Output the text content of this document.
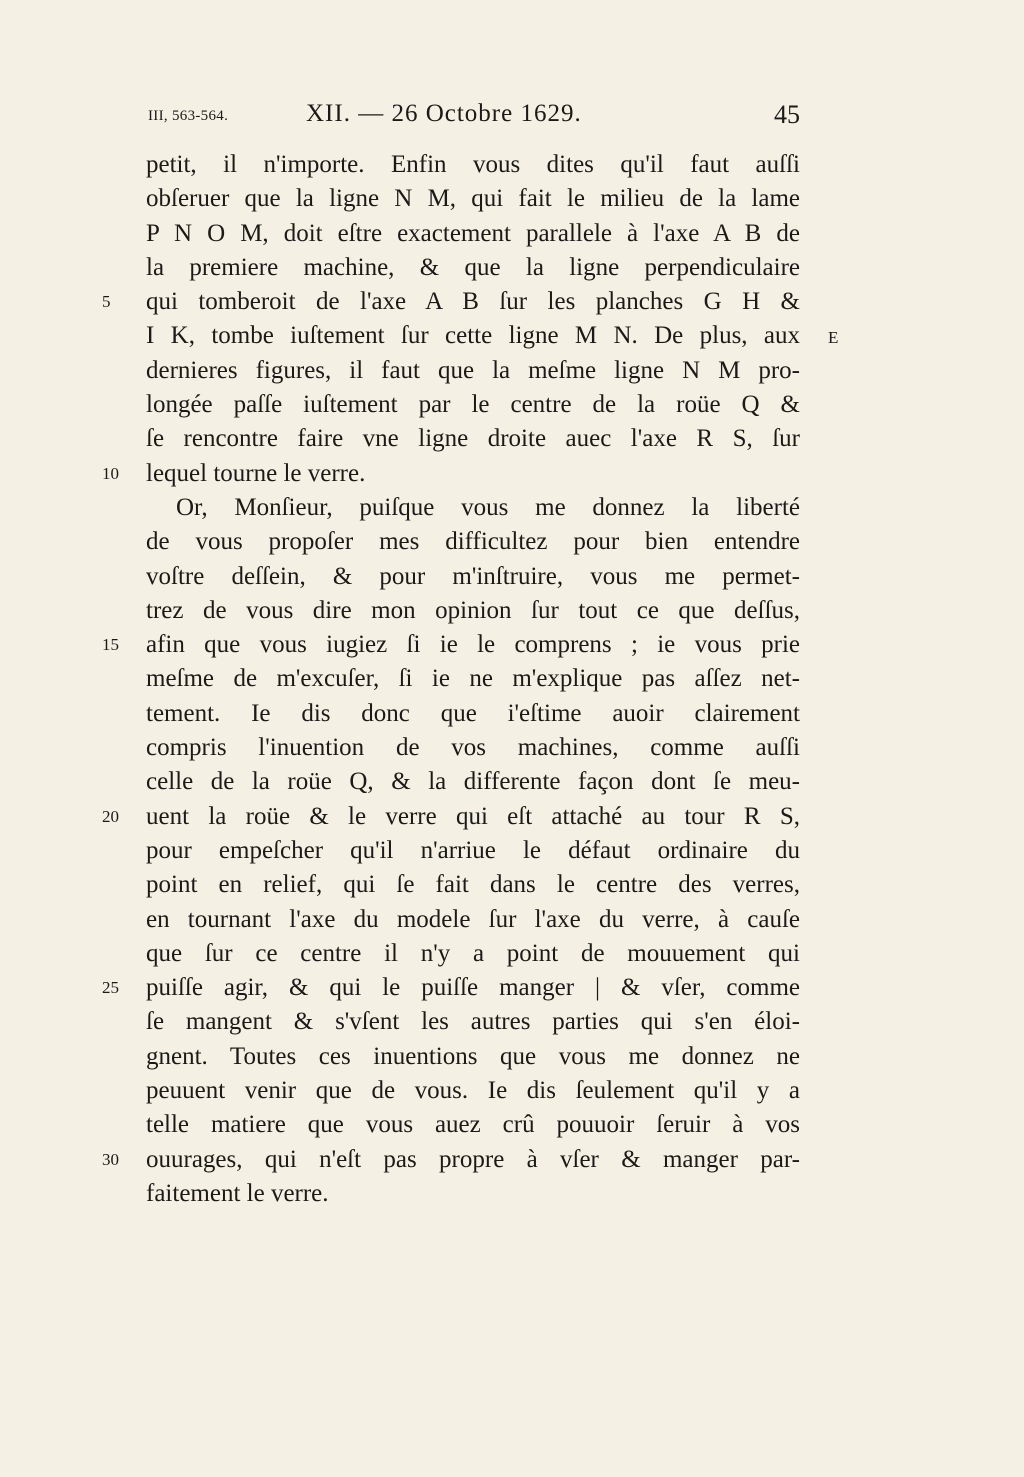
III, 563-564.	XII. — 26 Octobre 1629.	45
E
petit, il n'importe. Enfin vous dites qu'il faut auſſi
obſeruer que la ligne N M, qui fait le milieu de la lame
P N O M, doit eſtre exactement parallele à l'axe A B de
la premiere machine, & que la ligne perpendiculaire
qui tomberoit de l'axe A B ſur les planches G H &
5
I K, tombe iuſtement ſur cette ligne M N. De plus, aux
dernieres figures, il faut que la meſme ligne N M pro-
longée paſſe iuſtement par le centre de la roüe Q &
ſe rencontre faire vne ligne droite auec l'axe R S, ſur
lequel tourne le verre.
10
Or, Monſieur, puiſque vous me donnez la liberté
de vous propoſer mes difficultez pour bien entendre
voſtre deſſein, & pour m'inſtruire, vous me permet-
trez de vous dire mon opinion ſur tout ce que deſſus,
afin que vous iugiez ſi ie le comprens ; ie vous prie
15
meſme de m'excuſer, ſi ie ne m'explique pas aſſez net-
tement. Ie dis donc que i'eſtime auoir clairement
compris l'inuention de vos machines, comme auſſi
celle de la roüe Q, & la differente façon dont ſe meu-
uent la roüe & le verre qui eſt attaché au tour R S,
20
pour empeſcher qu'il n'arriue le défaut ordinaire du
point en relief, qui ſe fait dans le centre des verres,
en tournant l'axe du modele ſur l'axe du verre, à cauſe
que ſur ce centre il n'y a point de mouuement qui
puiſſe agir, & qui le puiſſe manger | & vſer, comme
25
ſe mangent & s'vſent les autres parties qui s'en éloi-
gnent. Toutes ces inuentions que vous me donnez ne
peuuent venir que de vous. Ie dis ſeulement qu'il y a
telle matiere que vous auez crû pouuoir ſeruir à vos
ouurages, qui n'eſt pas propre à vſer & manger par-
30
faitement le verre.
